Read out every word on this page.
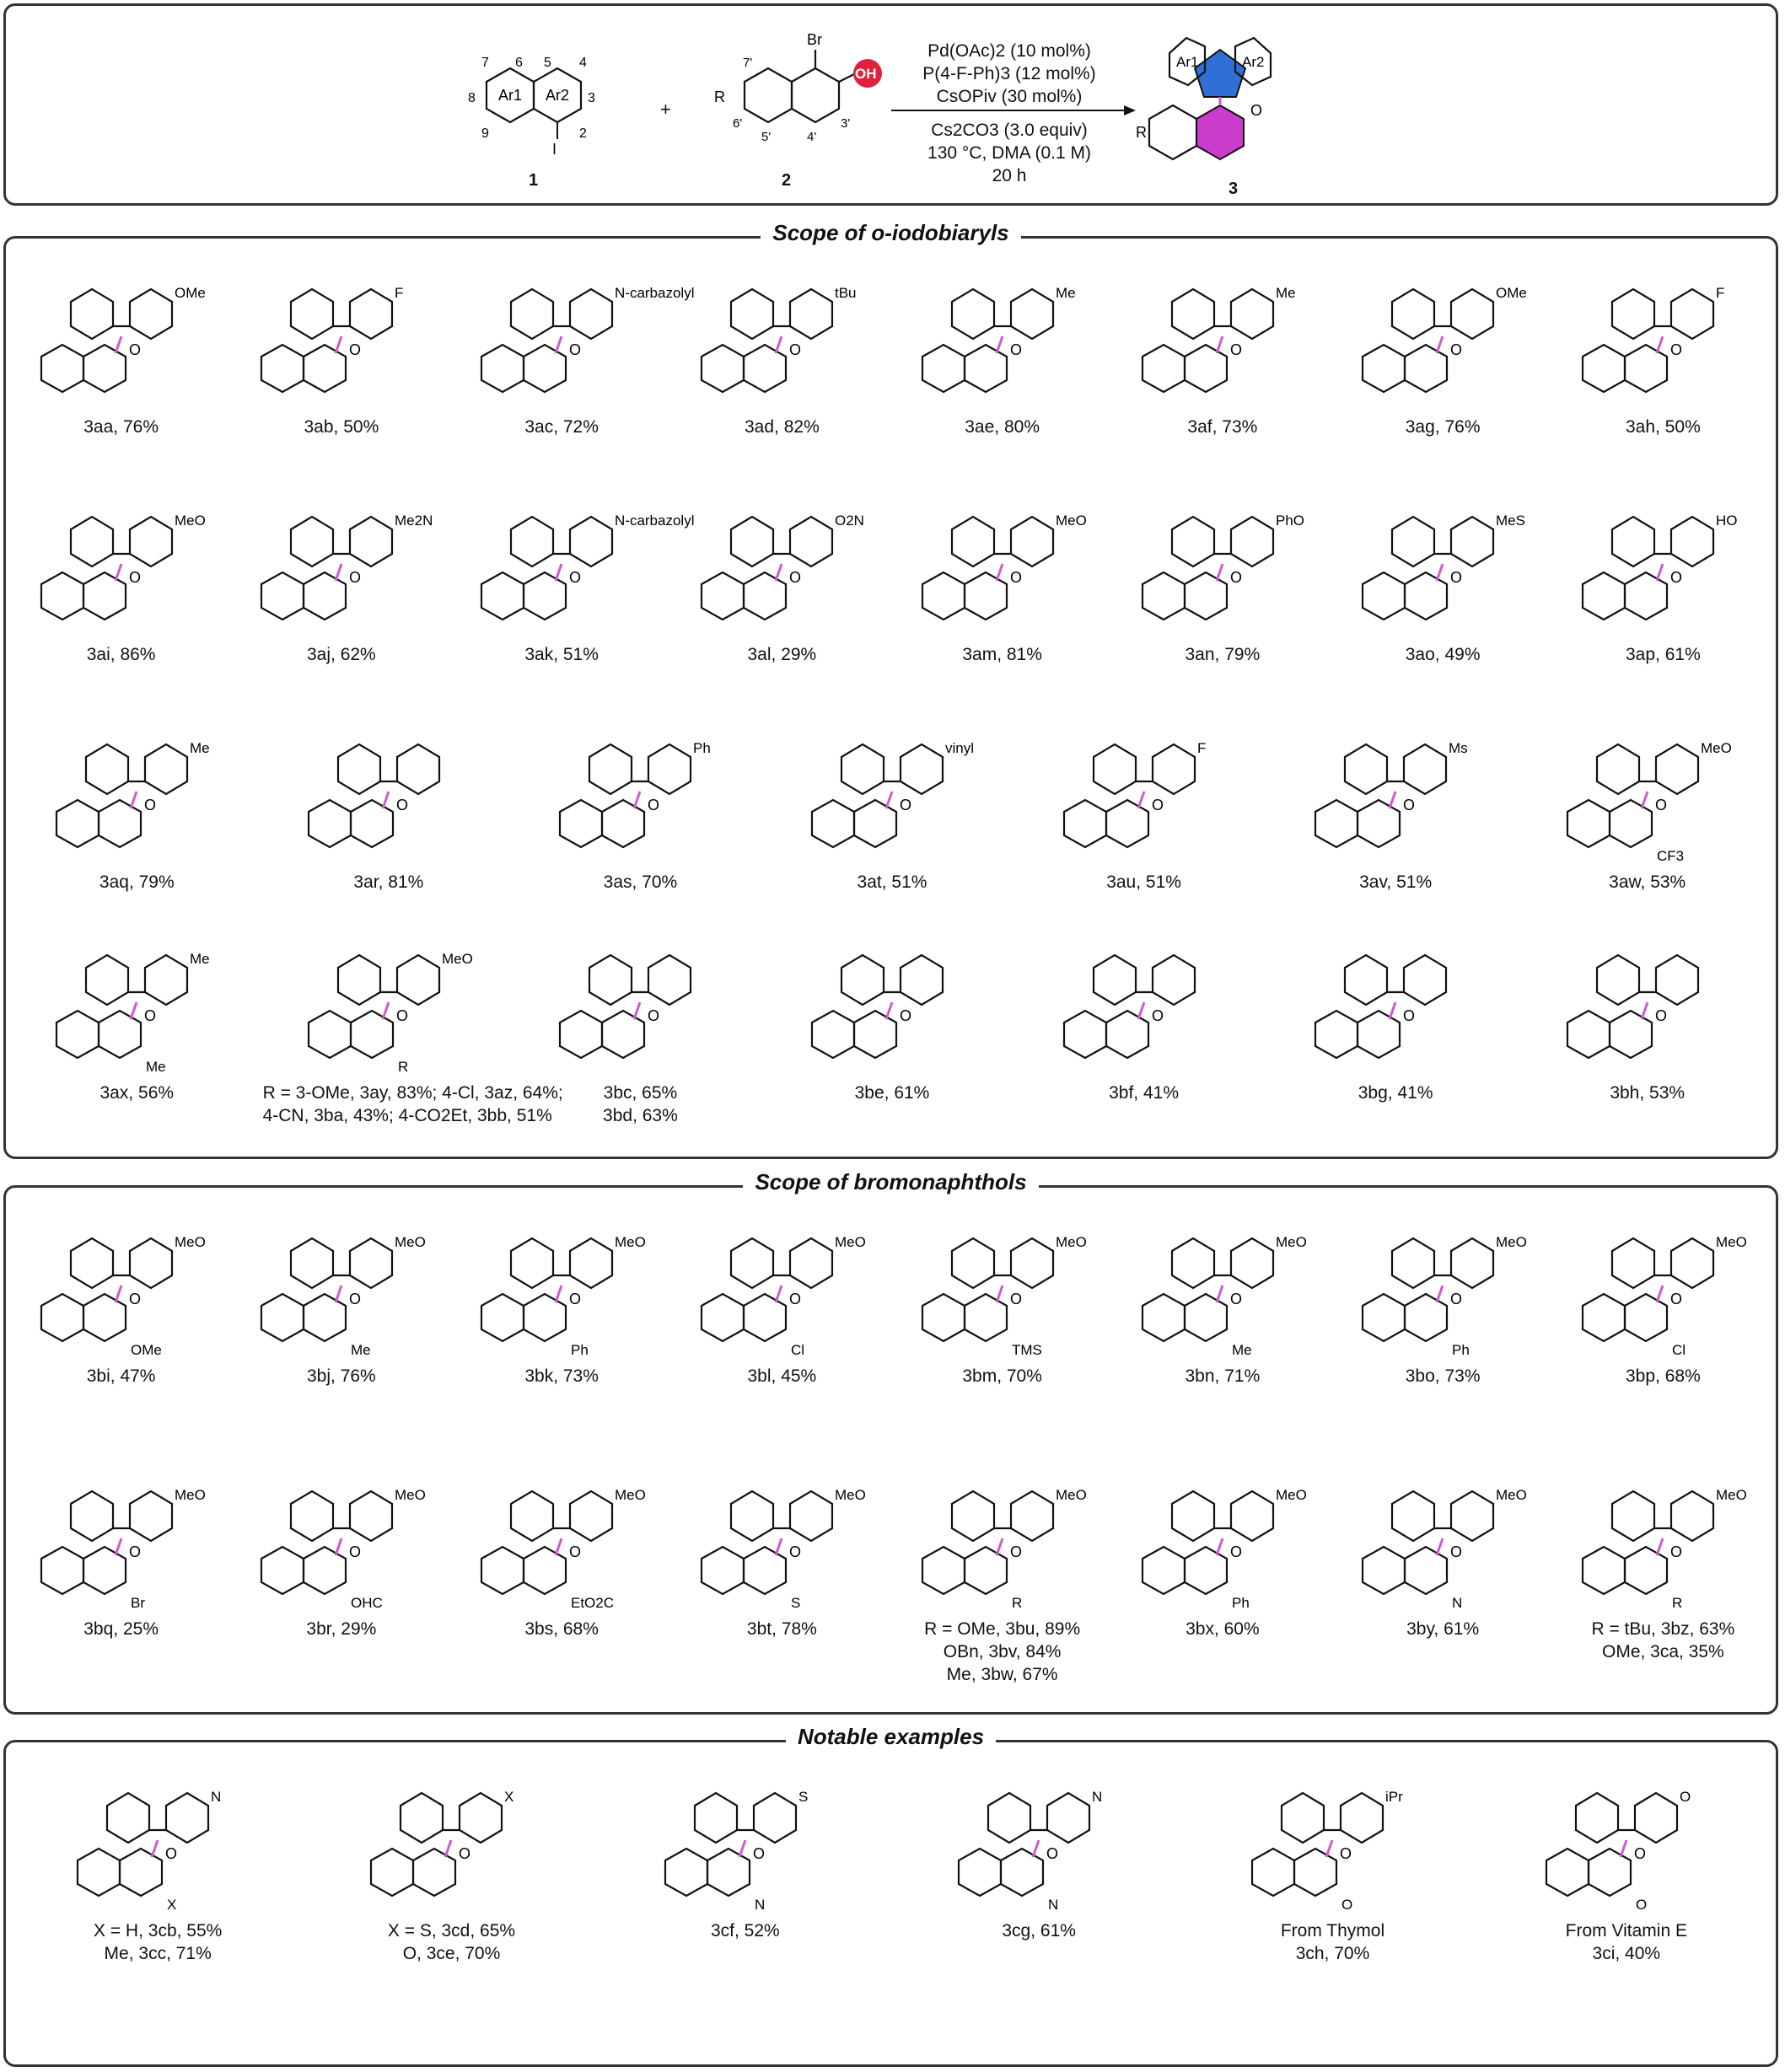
Ar1 Ar2
I
7 6 5 4
8	3
9	2
1
+
Br
OH
R
7'
6'
5'	4'
3'
2
Pd(OAc)2 (10 mol%)
P(4-F-Ph)3 (12 mol%)
CsOPiv (30 mol%)
Cs2CO3 (3.0 equiv)
130 °C, DMA (0.1 M)
20 h
Ar1	Ar2
O
R
3
Scope of o-iodobiaryls
O
OMe
3aa, 76%
O
F
3ab, 50%
O
N-carbazolyl
3ac, 72%
O
tBu
3ad, 82%
O
Me
3ae, 80%
O
Me
3af, 73%
O
OMe
3ag, 76%
O
F
3ah, 50%
O
MeO
3ai, 86%
O
Me2N
3aj, 62%
O
N-carbazolyl
3ak, 51%
O
O2N
3al, 29%
O
MeO
3am, 81%
O
PhO
3an, 79%
O
MeS
3ao, 49%
O
HO
3ap, 61%
O
Me
3aq, 79%
O
3ar, 81%
O
Ph
3as, 70%
O
vinyl
3at, 51%
O
F
3au, 51%
O
Ms
3av, 51%
O
MeO
CF3
3aw, 53%
O
Me
Me
3ax, 56%
O
MeO
R
R = 3-OMe, 3ay, 83%; 4-Cl, 3az, 64%;
4-CN, 3ba, 43%; 4-CO2Et, 3bb, 51%
O
3bc, 65%
3bd, 63%
O
3be, 61%
O
3bf, 41%
O
3bg, 41%
O
3bh, 53%
Scope of bromonaphthols
O
MeO
OMe
3bi, 47%
O
MeO
Me
3bj, 76%
O
MeO
Ph
3bk, 73%
O
MeO
Cl
3bl, 45%
O
MeO
TMS
3bm, 70%
O
MeO
Me
3bn, 71%
O
MeO
Ph
3bo, 73%
O
MeO
Cl
3bp, 68%
O
MeO
Br
3bq, 25%
O
MeO
OHC
3br, 29%
O
MeO
EtO2C
3bs, 68%
O
MeO
S
3bt, 78%
O
MeO
R
R = OMe, 3bu, 89%
OBn, 3bv, 84%
Me, 3bw, 67%
O
MeO
Ph
3bx, 60%
O
MeO
N
3by, 61%
O
MeO
R
R = tBu, 3bz, 63%
OMe, 3ca, 35%
Notable examples
O
N
X
X = H, 3cb, 55%
Me, 3cc, 71%
O
X
X = S, 3cd, 65%
O, 3ce, 70%
O
S
N
3cf, 52%
O
N
N
3cg, 61%
O
iPr
O
From Thymol
3ch, 70%
O
O
O
From Vitamin E
3ci, 40%
